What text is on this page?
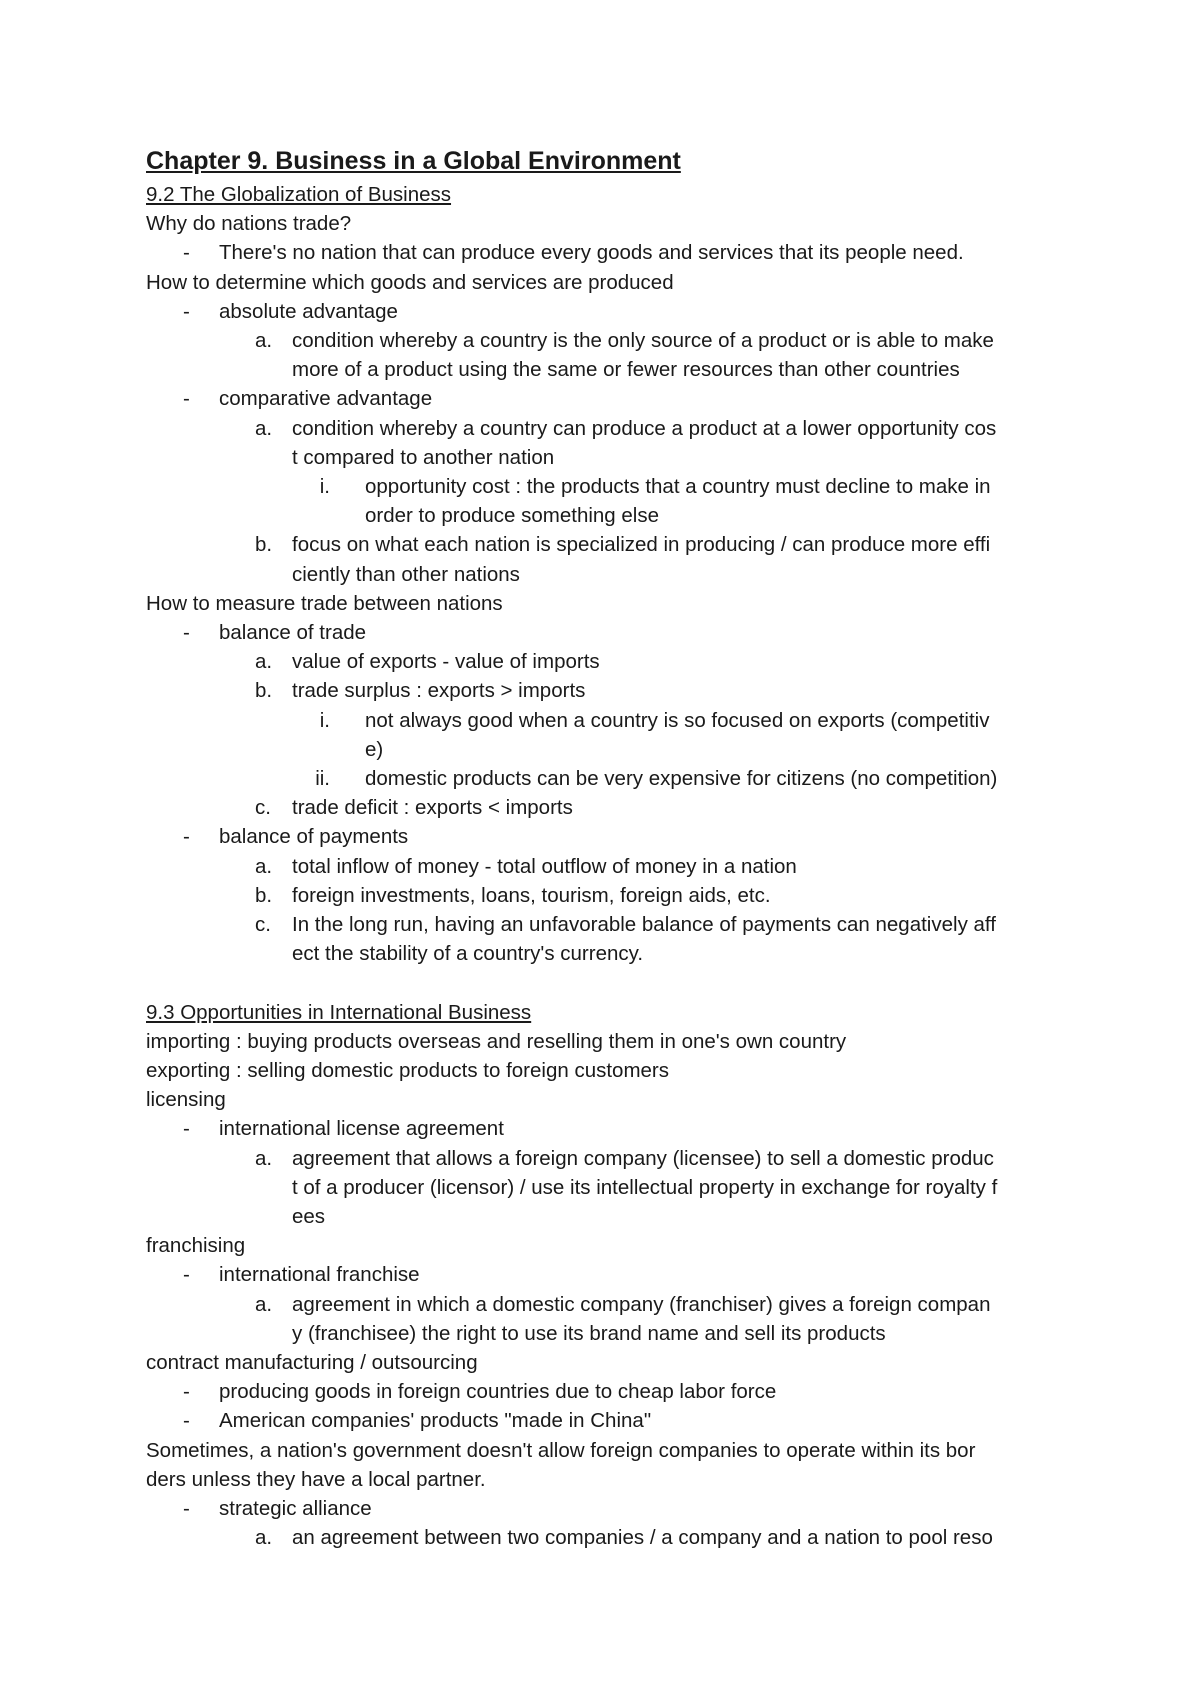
Chapter 9. Business in a Global Environment
9.2 The Globalization of Business
Why do nations trade?
- There's no nation that can produce every goods and services that its people need.
How to determine which goods and services are produced
- absolute advantage
a. condition whereby a country is the only source of a product or is able to make
more of a product using the same or fewer resources than other countries
- comparative advantage
a. condition whereby a country can produce a product at a lower opportunity cos
t compared to another nation
i. opportunity cost : the products that a country must decline to make in
order to produce something else
b. focus on what each nation is specialized in producing / can produce more effi
ciently than other nations
How to measure trade between nations
- balance of trade
a. value of exports - value of imports
b. trade surplus : exports > imports
i. not always good when a country is so focused on exports (competitiv
e)
ii. domestic products can be very expensive for citizens (no competition)
c. trade deficit : exports < imports
- balance of payments
a. total inflow of money - total outflow of money in a nation
b. foreign investments, loans, tourism, foreign aids, etc.
c. In the long run, having an unfavorable balance of payments can negatively aff
ect the stability of a country's currency.
9.3 Opportunities in International Business
importing : buying products overseas and reselling them in one's own country
exporting : selling domestic products to foreign customers
licensing
- international license agreement
a. agreement that allows a foreign company (licensee) to sell a domestic produc
t of a producer (licensor) / use its intellectual property in exchange for royalty f
ees
franchising
- international franchise
a. agreement in which a domestic company (franchiser) gives a foreign compan
y (franchisee) the right to use its brand name and sell its products
contract manufacturing / outsourcing
- producing goods in foreign countries due to cheap labor force
- American companies' products "made in China"
Sometimes, a nation's government doesn't allow foreign companies to operate within its bor
ders unless they have a local partner.
- strategic alliance
a. an agreement between two companies / a company and a nation to pool reso
